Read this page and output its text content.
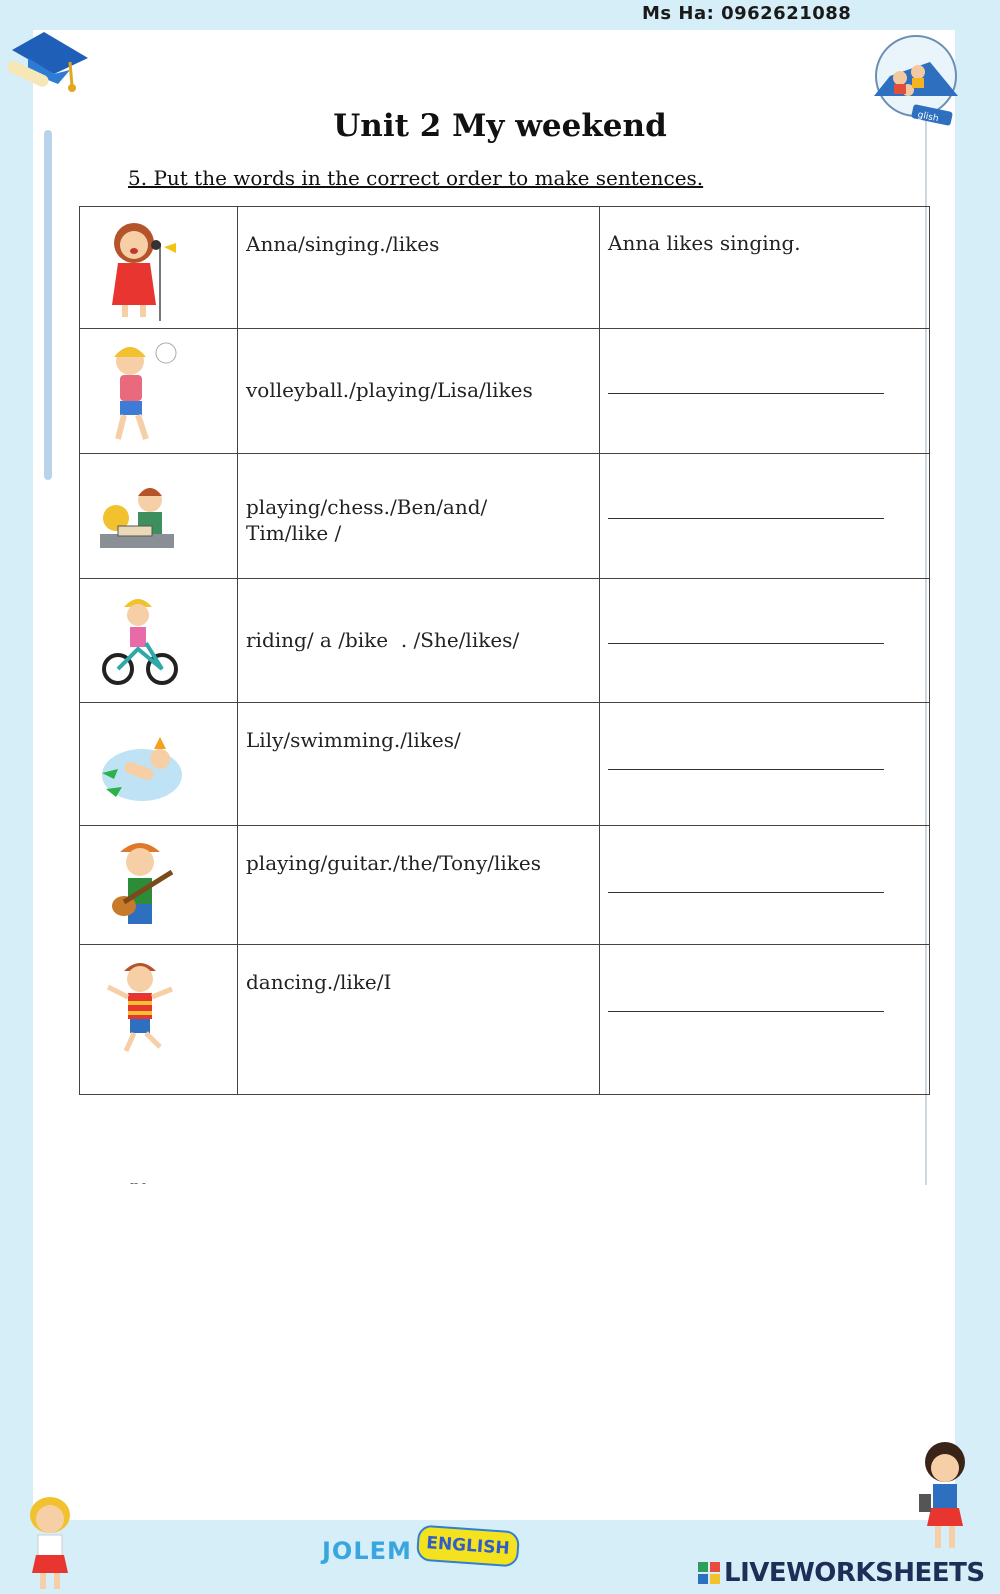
glish
Ms Ha: 0962621088
Unit 2 My weekend
5. Put the words in the correct order to make sentences.

Anna/singing./likes	Anna likes singing.

volleyball./playing/Lisa/likes	

playing/chess./Ben/and/
Tim/like /	

riding/ a /bike  . /She/likes/	

Lily/swimming./likes/	

playing/guitar./the/Tony/likes	

dancing./like/I	

-- -
JOLEM ENGLISH
LIVEWORKSHEETS
